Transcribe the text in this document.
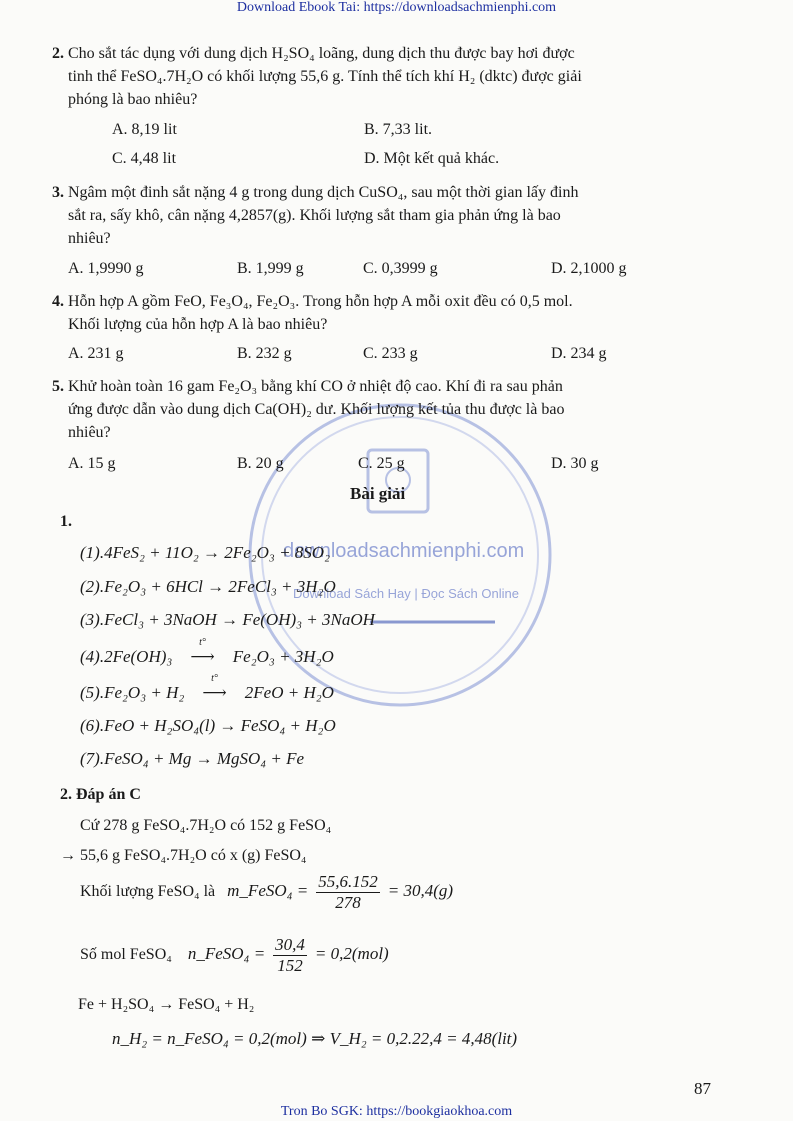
Download Ebook Tai: https://downloadsachmienphi.com
Tron Bo SGK: https://bookgiaokhoa.com
downloadsachmienphi.com
Download Sách Hay | Đọc Sách Online
2. Cho sắt tác dụng với dung dịch H₂SO₄ loãng, dung dịch thu được bay hơi được
tinh thể FeSO₄.7H₂O có khối lượng 55,6 g. Tính thể tích khí H₂ (dktc) được giải
phóng là bao nhiêu?
A. 8,19 lit	B. 7,33 lit.
C. 4,48 lit	D. Một kết quả khác.
3. Ngâm một đinh sắt nặng 4 g trong dung dịch CuSO₄, sau một thời gian lấy đinh
sắt ra, sấy khô, cân nặng 4,2857(g). Khối lượng sắt tham gia phản ứng là bao
nhiêu?
A. 1,9990 g	B. 1,999 g	C. 0,3999 g	D. 2,1000 g
4. Hỗn hợp A gồm FeO, Fe₃O₄, Fe₂O₃. Trong hỗn hợp A mỗi oxit đều có 0,5 mol.
Khối lượng của hỗn hợp A là bao nhiêu?
A. 231 g	B. 232 g	C. 233 g	D. 234 g
5. Khử hoàn toàn 16 gam Fe₂O₃ bằng khí CO ở nhiệt độ cao. Khí đi ra sau phản
ứng được dẫn vào dung dịch Ca(OH)₂ dư. Khối lượng kết tủa thu được là bao
nhiêu?
A. 15 g	B. 20 g	C. 25 g	D. 30 g
Bài giải
1.
(1).4FeS₂ + 11O₂ → 2Fe₂O₃ + 8SO₂
(2).Fe₂O₃ + 6HCl → 2FeCl₃ + 3H₂O
(3).FeCl₃ + 3NaOH → Fe(OH)₃ + 3NaOH
(4).2Fe(OH)₃
t°
⟶ Fe₂O₃ + 3H₂O
(5).Fe₂O₃ + H₂
t°
⟶ 2FeO + H₂O
(6).FeO + H₂SO₄(l) → FeSO₄ + H₂O
(7).FeSO₄ + Mg → MgSO₄ + Fe
2. Đáp án C
Cứ 278 g FeSO₄.7H₂O có 152 g FeSO₄
→ 55,6 g FeSO₄.7H₂O có x (g) FeSO₄
Khối lượng FeSO₄ là m_FeSO₄ = $\frac{55,6.152}{278} = 30,4(g)$
Số mol FeSO₄ n_FeSO₄ = $\frac{30,4}{152} = 0,2(mol)$
Fe + H₂SO₄ → FeSO₄ + H₂
n_H₂ = n_FeSO₄ = 0,2(mol) ⇒ V_H₂ = 0,2.22,4 = 4,48(lit)
87
